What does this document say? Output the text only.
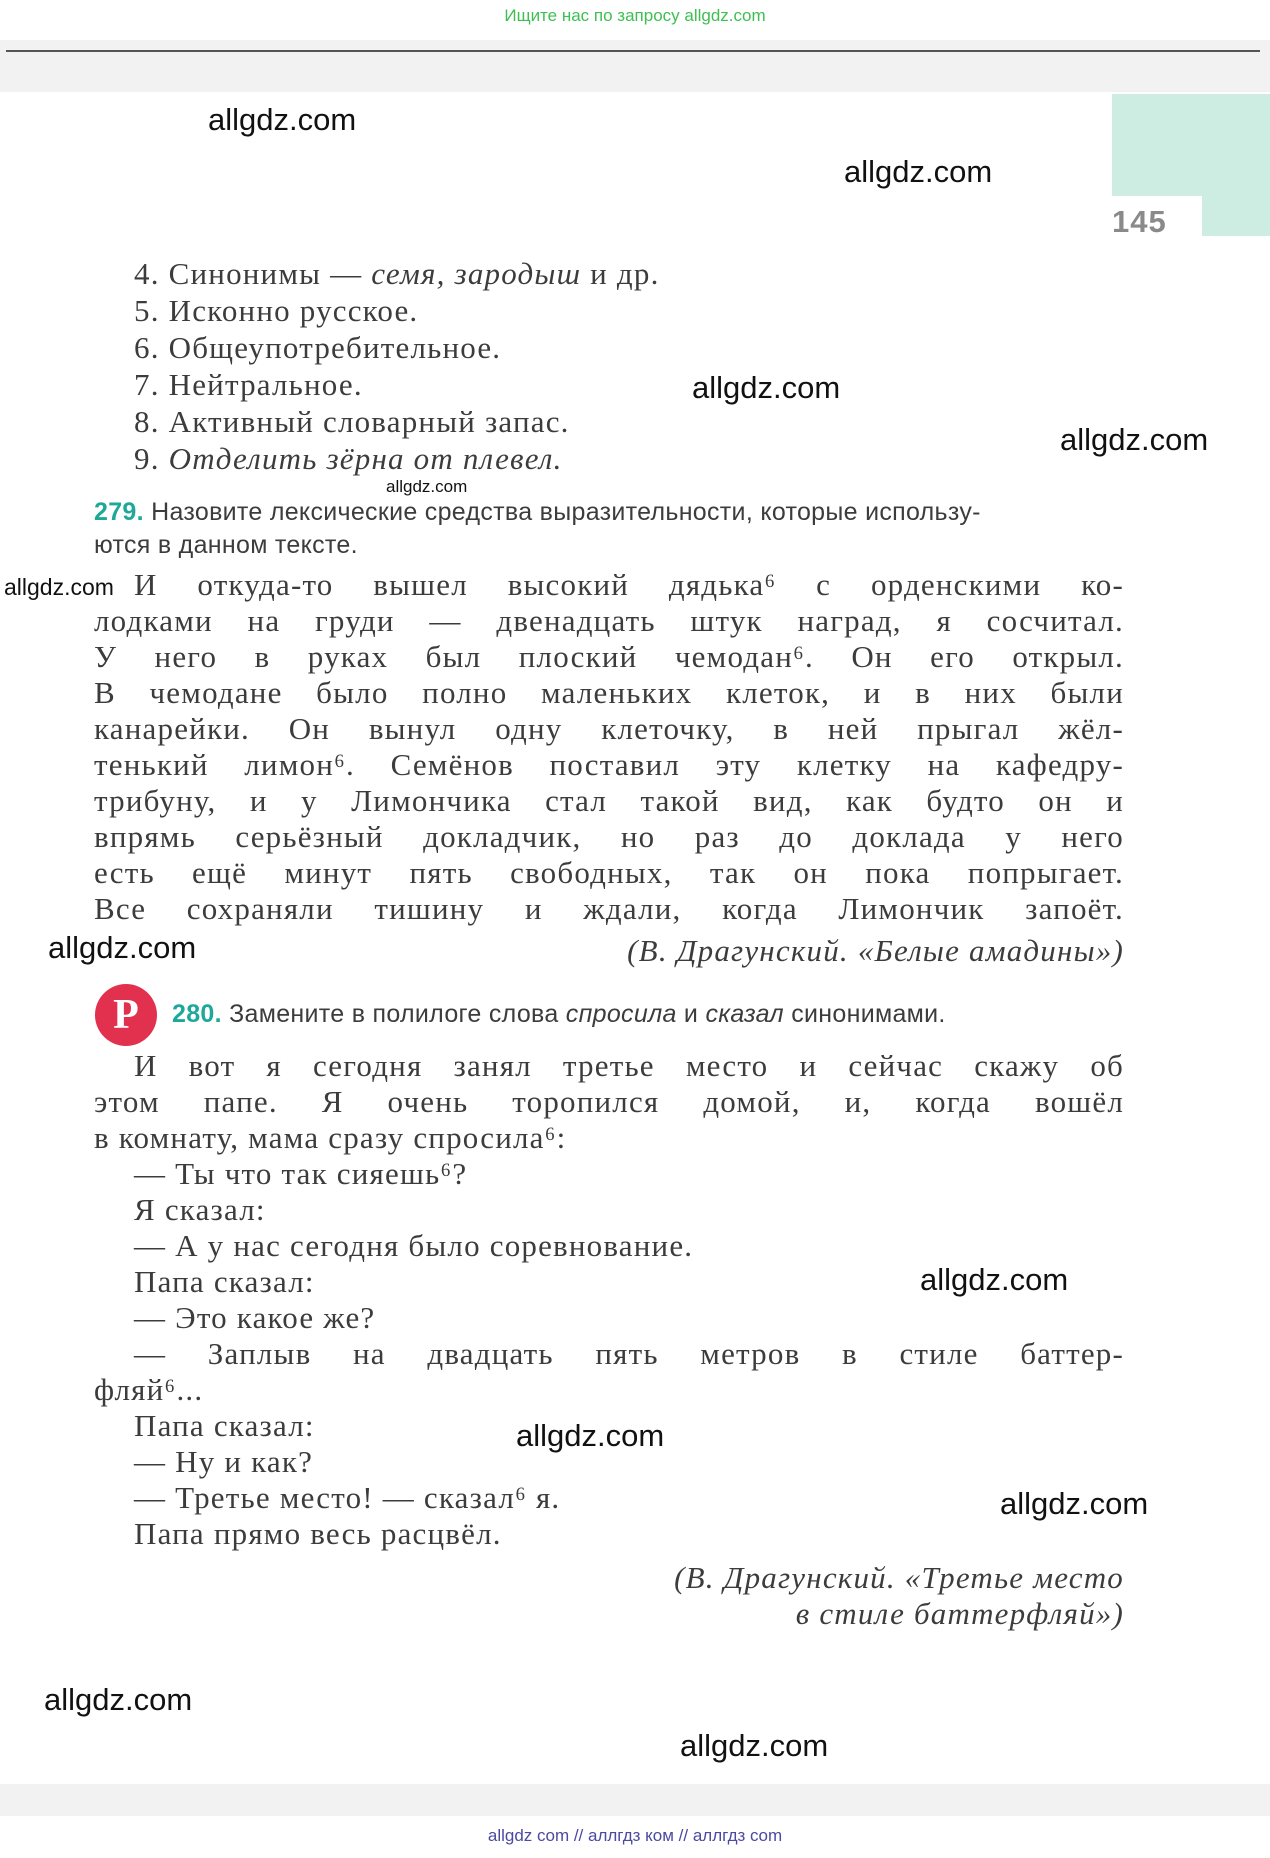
Ищите нас по запросу allgdz.com
145
4. Синонимы — семя, зародыш и др.
5. Исконно русское.
6. Общеупотребительное.
7. Нейтральное.
8. Активный словарный запас.
9. Отделить зёрна от плевел.
279. Назовите лексические средства выразительности, которые использу-
ются в данном тексте.
И откуда-то вышел высокий дядька⁶ с орденскими ко-
лодками на груди — двенадцать штук наград, я сосчитал.
У него в руках был плоский чемодан⁶. Он его открыл.
В чемодане было полно маленьких клеток, и в них были
канарейки. Он вынул одну клеточку, в ней прыгал жёл-
тенький лимон⁶. Семёнов поставил эту клетку на кафедру-
трибуну, и у Лимончика стал такой вид, как будто он и
впрямь серьёзный докладчик, но раз до доклада у него
есть ещё минут пять свободных, так он пока попрыгает.
Все сохраняли тишину и ждали, когда Лимончик запоёт.
(В. Драгунский. «Белые амадины»)
Р	280. Замените в полилоге слова спросила и сказал синонимами.
И вот я сегодня занял третье место и сейчас скажу об
этом папе. Я очень торопился домой, и, когда вошёл
в комнату, мама сразу спросила⁶:
— Ты что так сияешь⁶?
Я сказал:
— А у нас сегодня было соревнование.
Папа сказал:
— Это какое же?
— Заплыв на двадцать пять метров в стиле баттер-
фляй⁶...
Папа сказал:
— Ну и как?
— Третье место! — сказал⁶ я.
Папа прямо весь расцвёл.
(В. Драгунский. «Третье место
в стиле баттерфляй»)
allgdz.com
allgdz.com
allgdz.com
allgdz.com
allgdz.com
allgdz.com
allgdz.com
allgdz.com
allgdz.com
allgdz.com
allgdz.com
allgdz.com
allgdz com // аллгдз ком // аллгдз com
